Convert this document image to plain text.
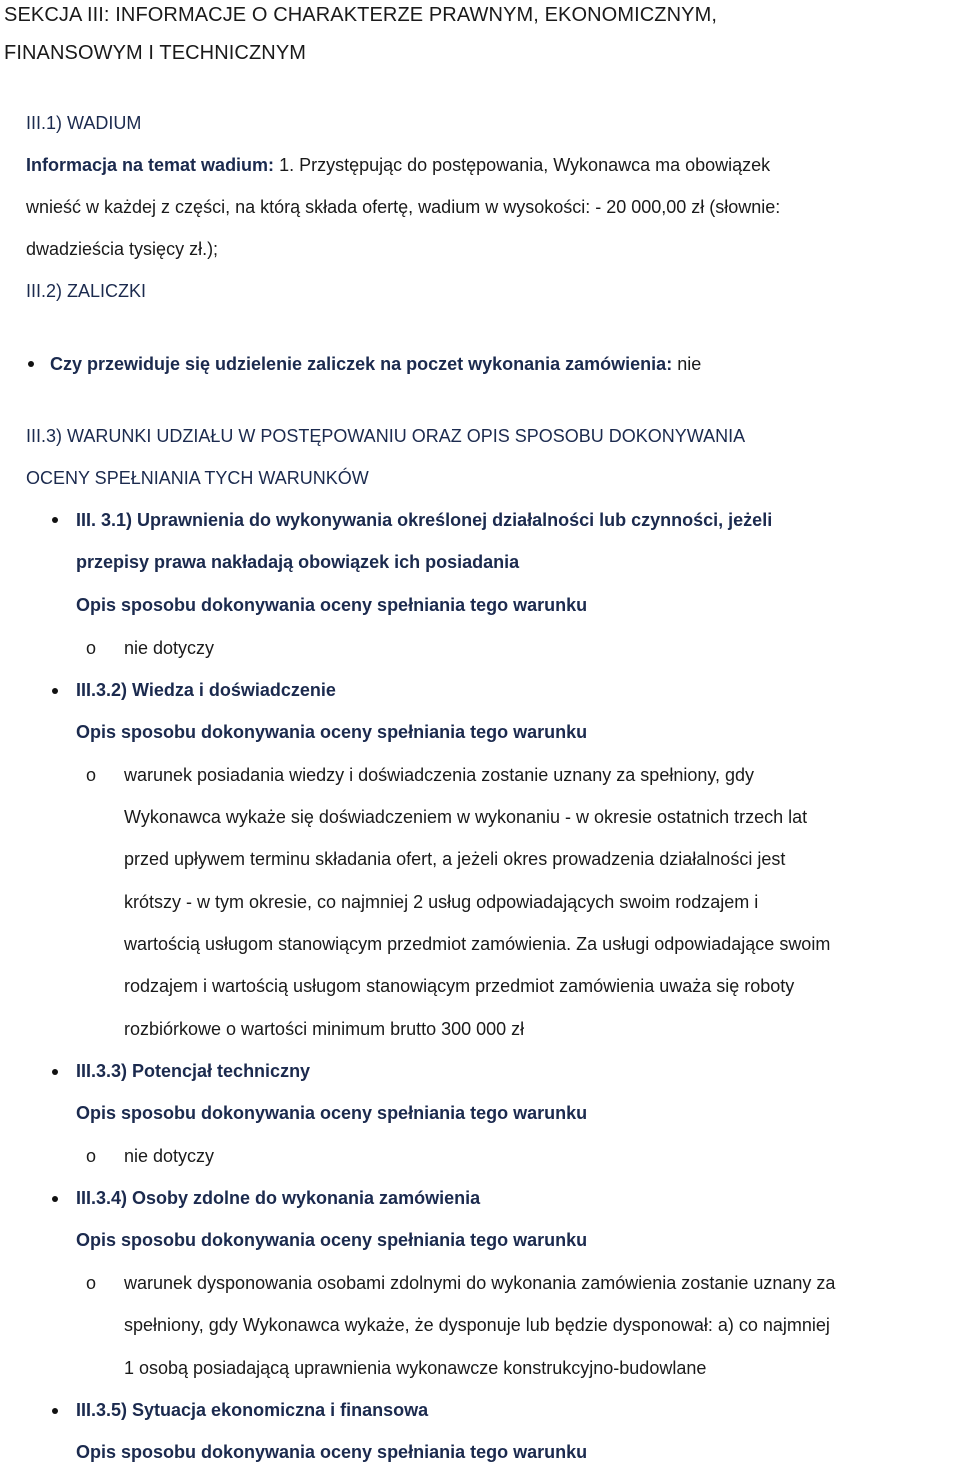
SEKCJA III: INFORMACJE O CHARAKTERZE PRAWNYM, EKONOMICZNYM,
FINANSOWYM I TECHNICZNYM
III.1) WADIUM
Informacja na temat wadium: 1. Przystępując do postępowania, Wykonawca ma obowiązek
wnieść w każdej z części, na którą składa ofertę, wadium w wysokości: - 20 000,00 zł (słownie:
dwadzieścia tysięcy zł.);
III.2) ZALICZKI
Czy przewiduje się udzielenie zaliczek na poczet wykonania zamówienia: nie
III.3) WARUNKI UDZIAŁU W POSTĘPOWANIU ORAZ OPIS SPOSOBU DOKONYWANIA
OCENY SPEŁNIANIA TYCH WARUNKÓW
III. 3.1) Uprawnienia do wykonywania określonej działalności lub czynności, jeżeli
przepisy prawa nakładają obowiązek ich posiadania
Opis sposobu dokonywania oceny spełniania tego warunku
o nie dotyczy
III.3.2) Wiedza i doświadczenie
Opis sposobu dokonywania oceny spełniania tego warunku
o warunek posiadania wiedzy i doświadczenia zostanie uznany za spełniony, gdy
Wykonawca wykaże się doświadczeniem w wykonaniu - w okresie ostatnich trzech lat
przed upływem terminu składania ofert, a jeżeli okres prowadzenia działalności jest
krótszy - w tym okresie, co najmniej 2 usług odpowiadających swoim rodzajem i
wartością usługom stanowiącym przedmiot zamówienia. Za usługi odpowiadające swoim
rodzajem i wartością usługom stanowiącym przedmiot zamówienia uważa się roboty
rozbiórkowe o wartości minimum brutto 300 000 zł
III.3.3) Potencjał techniczny
Opis sposobu dokonywania oceny spełniania tego warunku
o nie dotyczy
III.3.4) Osoby zdolne do wykonania zamówienia
Opis sposobu dokonywania oceny spełniania tego warunku
o warunek dysponowania osobami zdolnymi do wykonania zamówienia zostanie uznany za
spełniony, gdy Wykonawca wykaże, że dysponuje lub będzie dysponował: a) co najmniej
1 osobą posiadającą uprawnienia wykonawcze konstrukcyjno-budowlane
III.3.5) Sytuacja ekonomiczna i finansowa
Opis sposobu dokonywania oceny spełniania tego warunku
